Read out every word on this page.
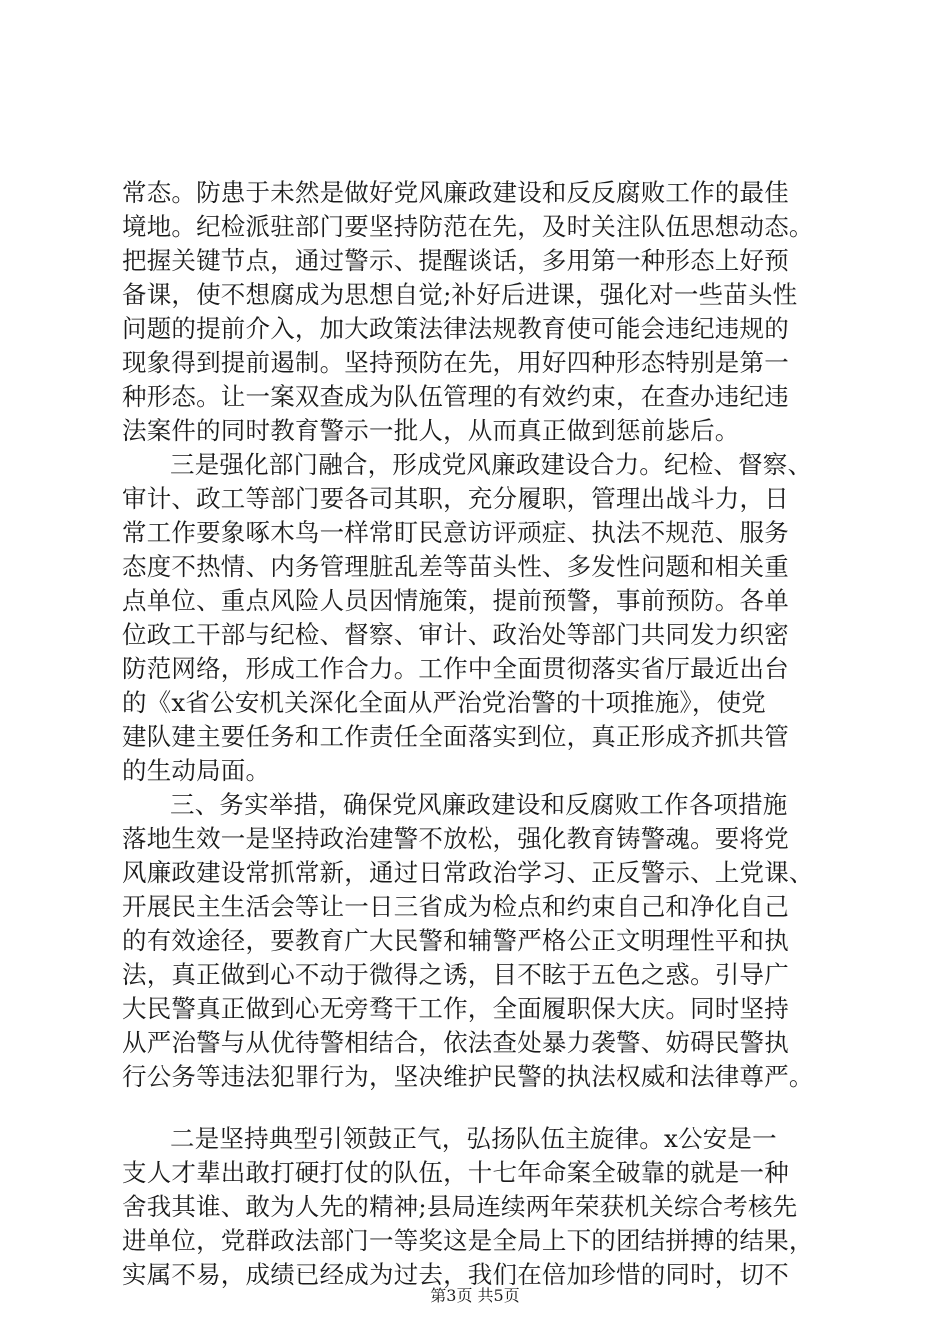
常态。防患于未然是做好党风廉政建设和反反腐败工作的最佳
境地。纪检派驻部门要坚持防范在先，及时关注队伍思想动态。
把握关键节点，通过警示、提醒谈话，多用第一种形态上好预
备课，使不想腐成为思想自觉;补好后进课，强化对一些苗头性
问题的提前介入，加大政策法律法规教育使可能会违纪违规的
现象得到提前遏制。坚持预防在先，用好四种形态特别是第一
种形态。让一案双查成为队伍管理的有效约束，在查办违纪违
法案件的同时教育警示一批人，从而真正做到惩前毖后。
三是强化部门融合，形成党风廉政建设合力。纪检、督察、
审计、政工等部门要各司其职，充分履职，管理出战斗力，日
常工作要象啄木鸟一样常盯民意访评顽症、执法不规范、服务
态度不热情、内务管理脏乱差等苗头性、多发性问题和相关重
点单位、重点风险人员因情施策，提前预警，事前预防。各单
位政工干部与纪检、督察、审计、政治处等部门共同发力织密
防范网络，形成工作合力。工作中全面贯彻落实省厅最近出台
的《x省公安机关深化全面从严治党治警的十项推施》，使党
建队建主要任务和工作责任全面落实到位，真正形成齐抓共管
的生动局面。
三、务实举措，确保党风廉政建设和反腐败工作各项措施
落地生效一是坚持政治建警不放松，强化教育铸警魂。要将党
风廉政建设常抓常新，通过日常政治学习、正反警示、上党课、
开展民主生活会等让一日三省成为检点和约束自己和净化自己
的有效途径，要教育广大民警和辅警严格公正文明理性平和执
法，真正做到心不动于微得之诱，目不眩于五色之惑。引导广
大民警真正做到心无旁骛干工作，全面履职保大庆。同时坚持
从严治警与从优待警相结合，依法查处暴力袭警、妨碍民警执
行公务等违法犯罪行为，坚决维护民警的执法权威和法律尊严。
二是坚持典型引领鼓正气，弘扬队伍主旋律。x公安是一
支人才辈出敢打硬打仗的队伍，十七年命案全破靠的就是一种
舍我其谁、敢为人先的精神;县局连续两年荣获机关综合考核先
进单位，党群政法部门一等奖这是全局上下的团结拼搏的结果，
实属不易，成绩已经成为过去，我们在倍加珍惜的同时，切不
第3页 共5页
